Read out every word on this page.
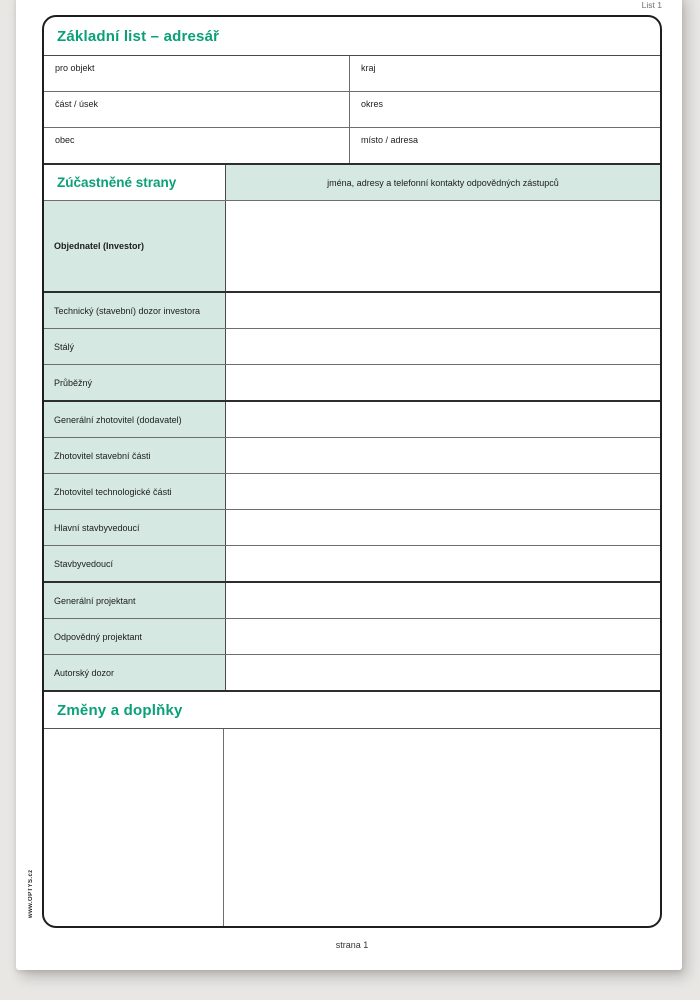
List 1
Základní list – adresář
pro objekt	kraj
část / úsek	okres
obec	místo / adresa
Zúčastněné strany	jména, adresy a telefonní kontakty odpovědných zástupců
Objednatel (Investor)
Technický (stavební) dozor investora
Stálý
Průběžný
Generální zhotovitel (dodavatel)
Zhotovitel stavební části
Zhotovitel technologické části
Hlavní stavbyvedoucí
Stavbyvedoucí
Generální projektant
Odpovědný projektant
Autorský dozor
Změny a doplňky
strana 1
www.OPTYS.cz
